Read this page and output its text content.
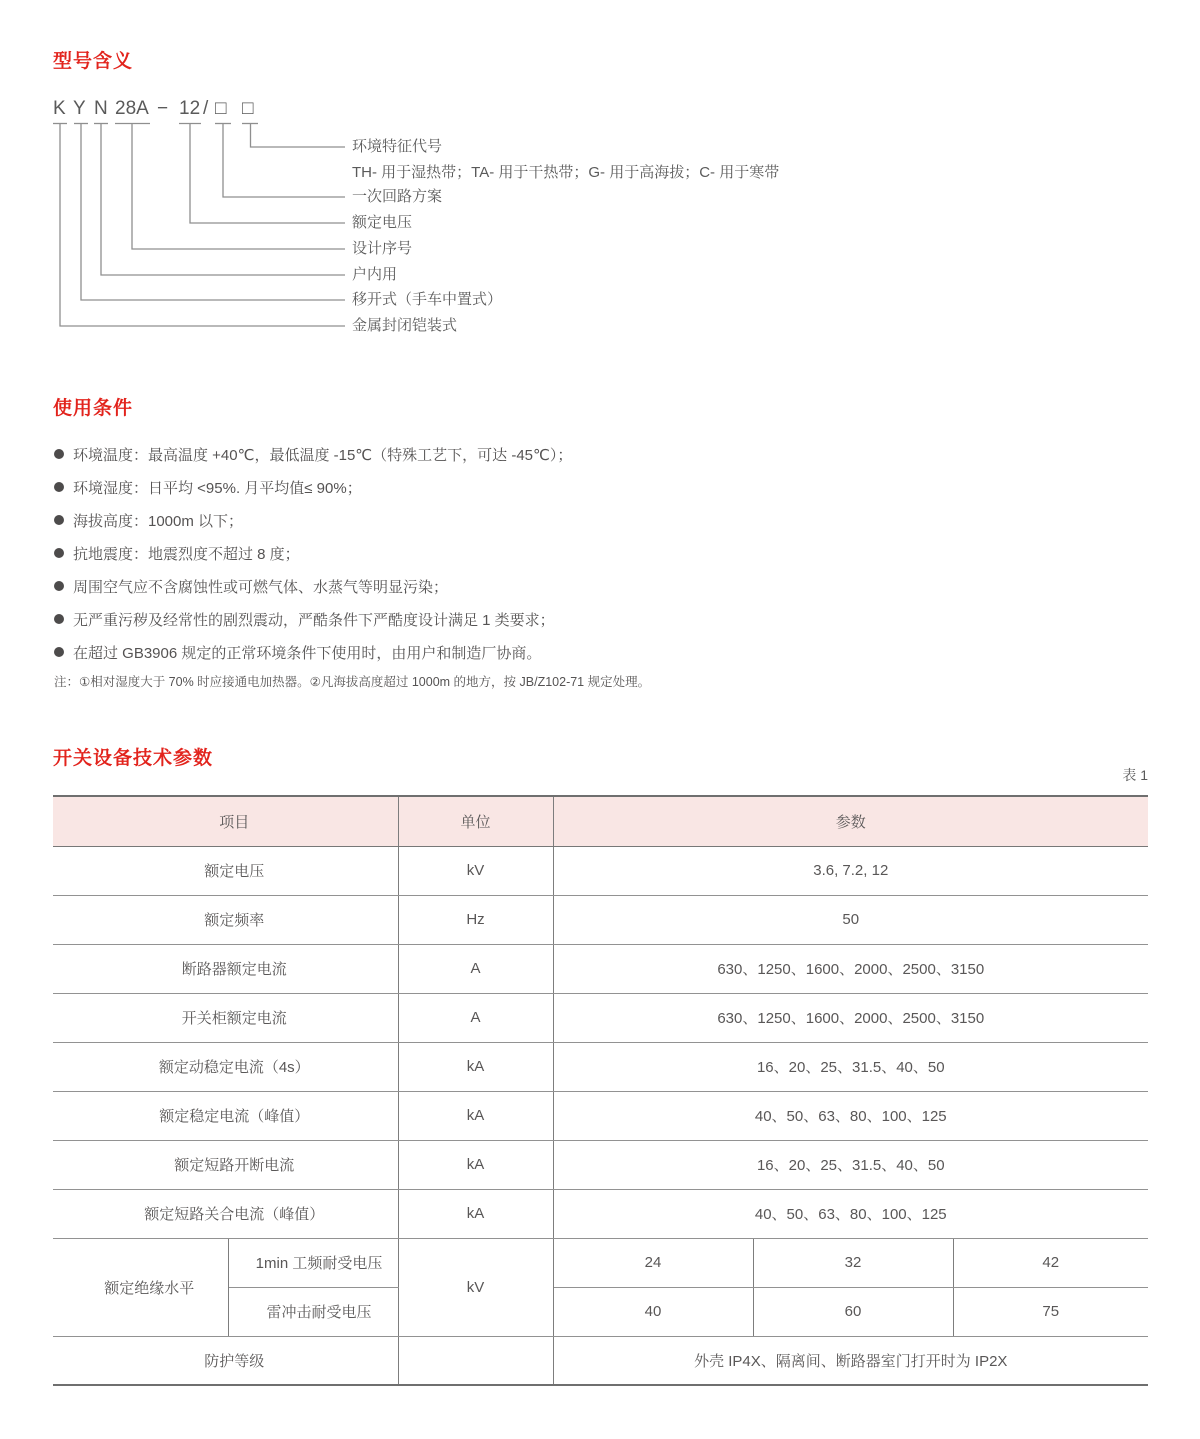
型号含义
K Y N 28A − 12 / □ □
环境特征代号
TH- 用于湿热带；TA- 用于干热带；G- 用于高海拔；C- 用于寒带
一次回路方案
额定电压
设计序号
户内用
移开式（手车中置式）
金属封闭铠装式
使用条件
环境温度：最高温度 +40℃，最低温度 -15℃（特殊工艺下，可达 -45℃）；
环境湿度：日平均 <95%. 月平均值≤ 90%；
海拔高度：1000m 以下；
抗地震度：地震烈度不超过 8 度；
周围空气应不含腐蚀性或可燃气体、水蒸气等明显污染；
无严重污秽及经常性的剧烈震动，严酷条件下严酷度设计满足 1 类要求；
在超过 GB3906 规定的正常环境条件下使用时，由用户和制造厂协商。
注：①相对湿度大于 70% 时应接通电加热器。②凡海拔高度超过 1000m 的地方，按 JB/Z102-71 规定处理。
开关设备技术参数
表 1
项目		单位	参数		
额定电压		kV	3.6, 7.2, 12		
额定频率		Hz	50		
断路器额定电流		A	630、1250、1600、2000、2500、3150		
开关柜额定电流		A	630、1250、1600、2000、2500、3150		
额定动稳定电流（4s）		kA	16、20、25、31.5、40、50		
额定稳定电流（峰值）		kA	40、50、63、80、100、125		
额定短路开断电流		kA	16、20、25、31.5、40、50		
额定短路关合电流（峰值）		kA	40、50、63、80、100、125		
额定绝缘水平	1min 工频耐受电压	kV	24	32	42
	雷冲击耐受电压		40	60	75
防护等级			外壳 IP4X、隔离间、断路器室门打开时为 IP2X		
